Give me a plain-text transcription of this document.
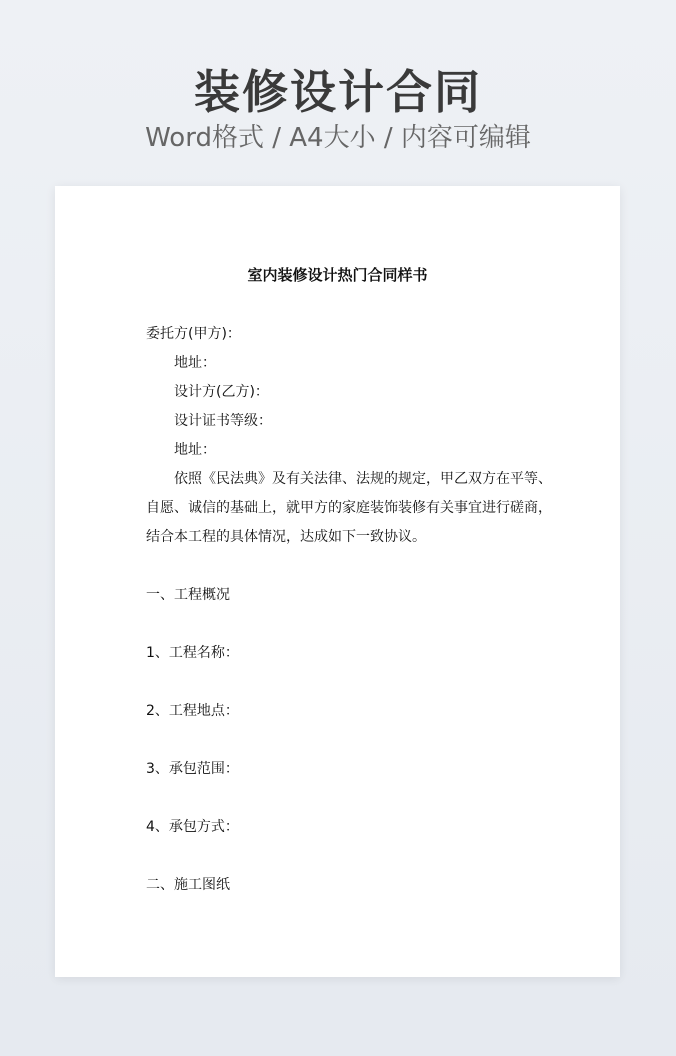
装修设计合同
Word格式 / A4大小 / 内容可编辑
室内装修设计热门合同样书
委托方(甲方)：
地址：
设计方(乙方)：
设计证书等级：
地址：
依照《民法典》及有关法律、法规的规定，甲乙双方在平等、
自愿、诚信的基础上，就甲方的家庭装饰装修有关事宜进行磋商，
结合本工程的具体情况，达成如下一致协议。
一、工程概况
1、工程名称：
2、工程地点：
3、承包范围：
4、承包方式：
二、施工图纸
